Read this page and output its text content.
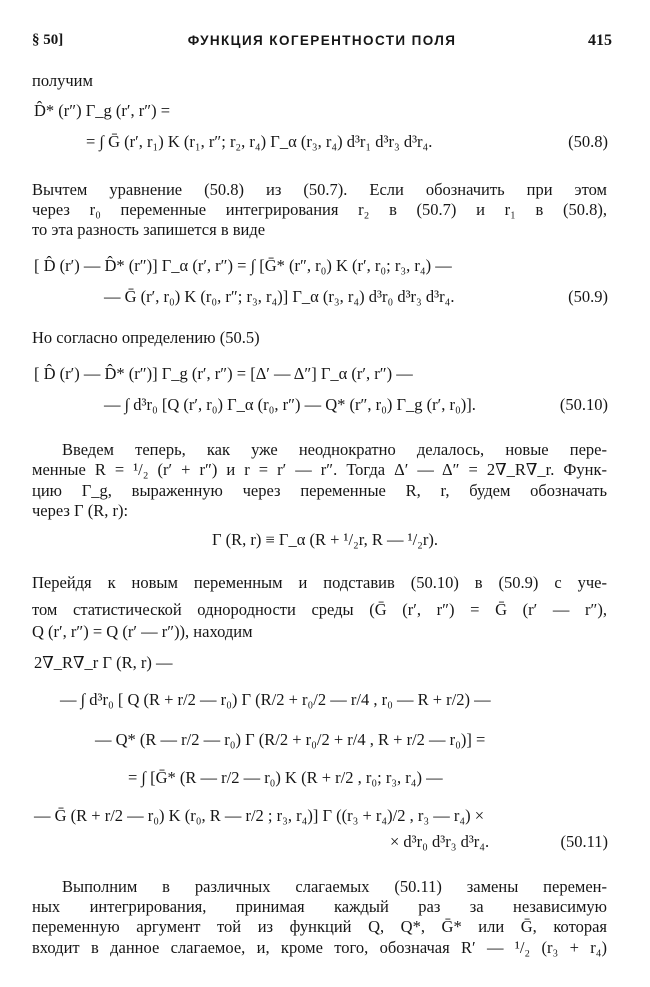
§ 50]	ФУНКЦИЯ КОГЕРЕНТНОСТИ ПОЛЯ	415
получим
D̂* (r″) Γ_g (r′, r″) =
= ∫ Ḡ (r′, r₁) K (r₁, r″; r₂, r₄) Γ_α (r₃, r₄) d³r₁ d³r₃ d³r₄.	(50.8)
Вычтем уравнение (50.8) из (50.7). Если обозначить при этом
через r₀ переменные интегрирования r₂ в (50.7) и r₁ в (50.8),
то эта разность запишется в виде
[ D̂ (r′) — D̂* (r″)] Γ_α (r′, r″) = ∫ [Ḡ* (r″, r₀) K (r′, r₀; r₃, r₄) —
— Ḡ (r′, r₀) K (r₀, r″; r₃, r₄)] Γ_α (r₃, r₄) d³r₀ d³r₃ d³r₄.	(50.9)
Но согласно определению (50.5)
[ D̂ (r′) — D̂* (r″)] Γ_g (r′, r″) = [Δ′ — Δ″] Γ_α (r′, r″) —
— ∫ d³r₀ [Q (r′, r₀) Γ_α (r₀, r″) — Q* (r″, r₀) Γ_g (r′, r₀)].	(50.10)
Введем теперь, как уже неоднократно делалось, новые пере-
менные R = ¹/₂ (r′ + r″) и r = r′ — r″. Тогда Δ′ — Δ″ = 2∇_R∇_r. Функ-
цию Γ_g, выраженную через переменные R, r, будем обозначать
через Γ (R, r):
Γ (R, r) ≡ Γ_α (R + ¹/₂r, R — ¹/₂r).
Перейдя к новым переменным и подставив (50.10) в (50.9) с уче-
том статистической однородности среды (Ḡ (r′, r″) = Ḡ (r′ — r″),
Q (r′, r″) = Q (r′ — r″)), находим
2∇_R∇_r Γ (R, r) —
— ∫ d³r₀ [ Q (R + r/2 — r₀) Γ (R/2 + r₀/2 — r/4 , r₀ — R + r/2) —
— Q* (R — r/2 — r₀) Γ (R/2 + r₀/2 + r/4 , R + r/2 — r₀)] =
= ∫ [Ḡ* (R — r/2 — r₀) K (R + r/2 , r₀; r₃, r₄) —
— Ḡ (R + r/2 — r₀) K (r₀, R — r/2 ; r₃, r₄)] Γ ((r₃ + r₄)/2 , r₃ — r₄) ×
× d³r₀ d³r₃ d³r₄.	(50.11)
Выполним в различных слагаемых (50.11) замены перемен-
ных интегрирования, принимая каждый раз за независимую
переменную аргумент той из функций Q, Q*, Ḡ* или Ḡ, которая
входит в данное слагаемое, и, кроме того, обозначая R′ — ¹/₂ (r₃ + r₄)
